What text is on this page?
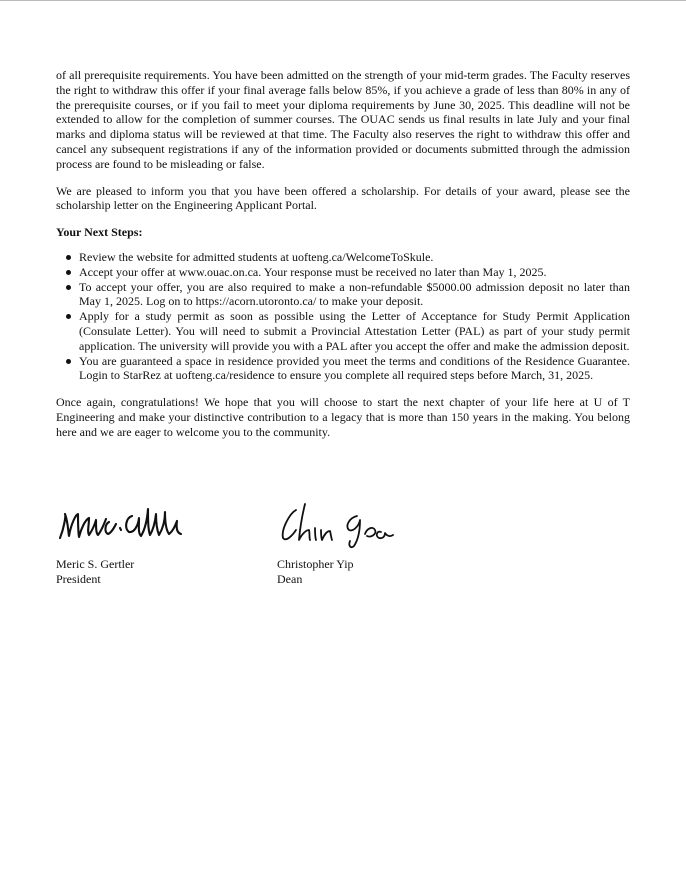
of all prerequisite requirements. You have been admitted on the strength of your mid-term grades. The Faculty reserves the right to withdraw this offer if your final average falls below 85%, if you achieve a grade of less than 80% in any of the prerequisite courses, or if you fail to meet your diploma requirements by June 30, 2025. This deadline will not be extended to allow for the completion of summer courses. The OUAC sends us final results in late July and your final marks and diploma status will be reviewed at that time. The Faculty also reserves the right to withdraw this offer and cancel any subsequent registrations if any of the information provided or documents submitted through the admission process are found to be misleading or false.

We are pleased to inform you that you have been offered a scholarship. For details of your award, please see the scholarship letter on the Engineering Applicant Portal.

Your Next Steps:
Review the website for admitted students at uofteng.ca/WelcomeToSkule.
Accept your offer at www.ouac.on.ca. Your response must be received no later than May 1, 2025.
To accept your offer, you are also required to make a non-refundable $5000.00 admission deposit no later than May 1, 2025. Log on to https://acorn.utoronto.ca/ to make your deposit.
Apply for a study permit as soon as possible using the Letter of Acceptance for Study Permit Application (Consulate Letter). You will need to submit a Provincial Attestation Letter (PAL) as part of your study permit application. The university will provide you with a PAL after you accept the offer and make the admission deposit.
You are guaranteed a space in residence provided you meet the terms and conditions of the Residence Guarantee. Login to StarRez at uofteng.ca/residence to ensure you complete all required steps before March, 31, 2025.

Once again, congratulations! We hope that you will choose to start the next chapter of your life here at U of T Engineering and make your distinctive contribution to a legacy that is more than 150 years in the making. You belong here and we are eager to welcome you to the community.

Meric S. Gertler
President
Christopher Yip
Dean
